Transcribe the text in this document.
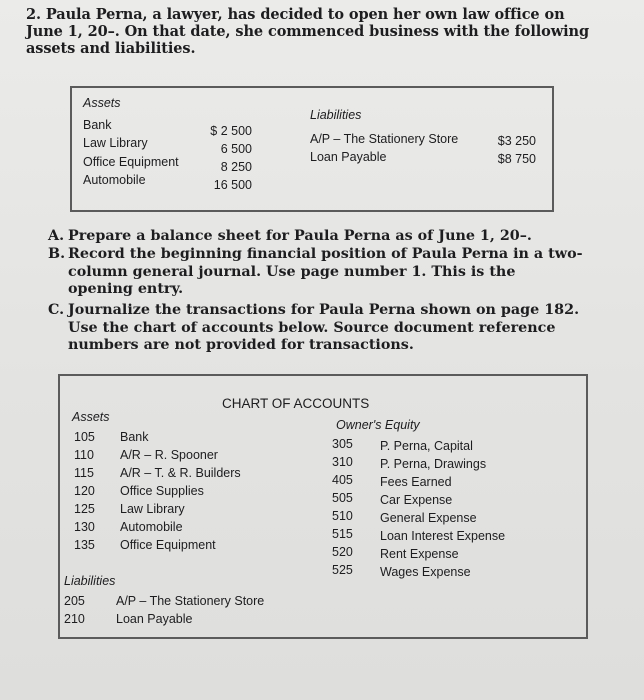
2. Paula Perna, a lawyer, has decided to open her own law office on June 1, 20–. On that date, she commenced business with the following assets and liabilities.
Assets
Bank
Law Library
Office Equipment
Automobile
$ 2 500
6 500
8 250
16 500
Liabilities
A/P – The Stationery Store
Loan Payable
$3 250
$8 750
A. Prepare a balance sheet for Paula Perna as of June 1, 20–.
B. Record the beginning financial position of Paula Perna in a two-column general journal. Use page number 1. This is the opening entry.
C. Journalize the transactions for Paula Perna shown on page 182. Use the chart of accounts below. Source document reference numbers are not provided for transactions.
CHART OF ACCOUNTS
Assets
105 Bank
110 A/R – R. Spooner
115 A/R – T. & R. Builders
120 Office Supplies
125 Law Library
130 Automobile
135 Office Equipment
Owner's Equity
305 P. Perna, Capital
310 P. Perna, Drawings
405 Fees Earned
505 Car Expense
510 General Expense
515 Loan Interest Expense
520 Rent Expense
525 Wages Expense
Liabilities
205 A/P – The Stationery Store
210 Loan Payable
